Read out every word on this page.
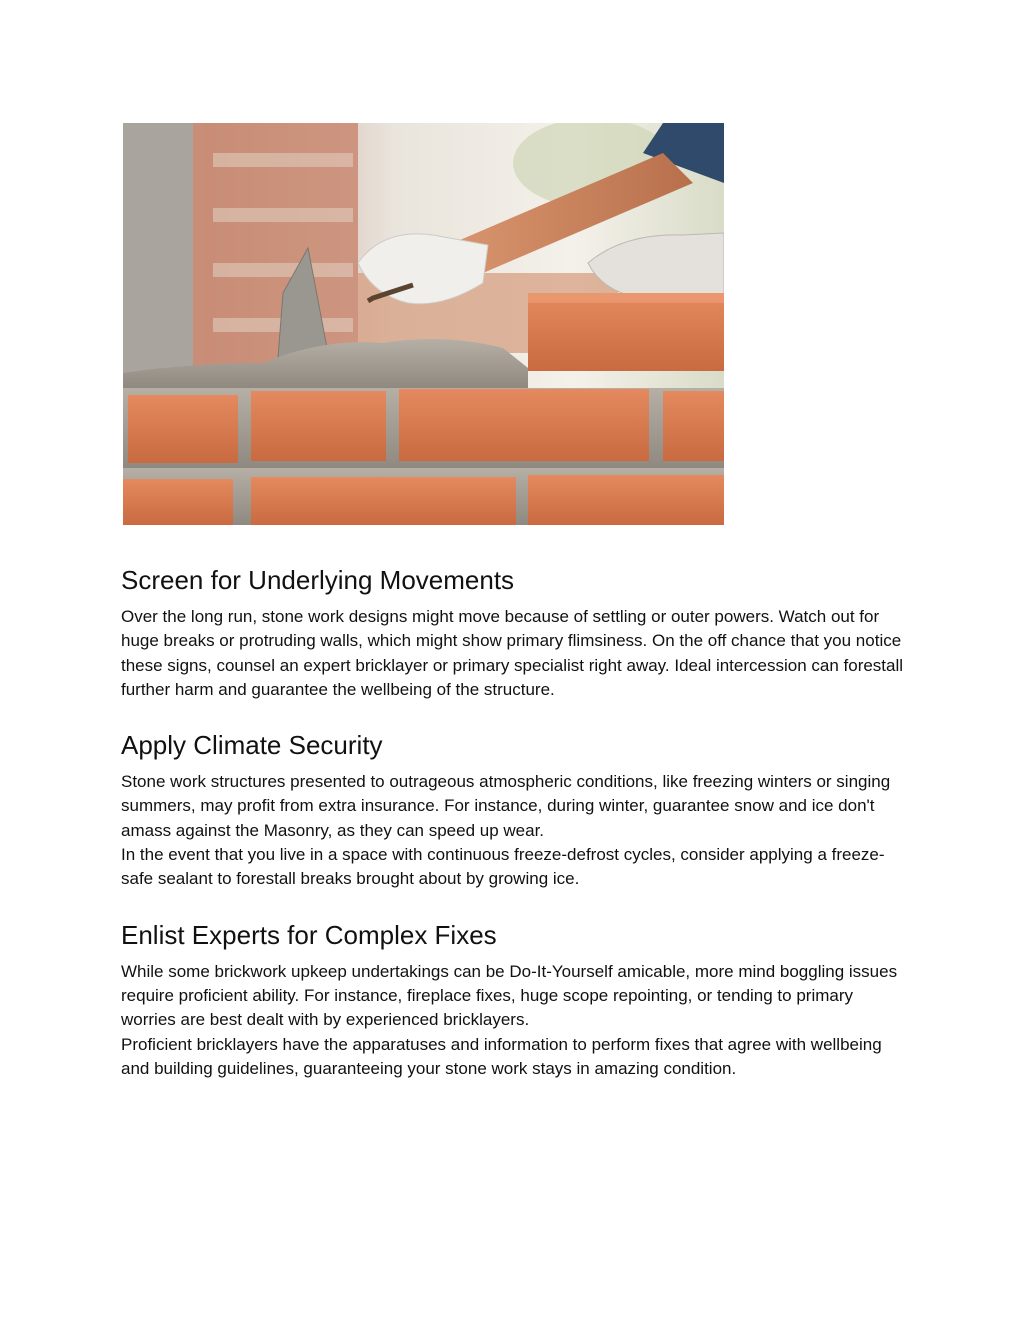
Screen for Underlying Movements

Over the long run, stone work designs might move because of settling or outer powers. Watch out for huge breaks or protruding walls, which might show primary flimsiness. On the off chance that you notice these signs, counsel an expert bricklayer or primary specialist right away. Ideal intercession can forestall further harm and guarantee the wellbeing of the structure.

Apply Climate Security

Stone work structures presented to outrageous atmospheric conditions, like freezing winters or singing summers, may profit from extra insurance. For instance, during winter, guarantee snow and ice don't amass against the Masonry, as they can speed up wear.

In the event that you live in a space with continuous freeze-defrost cycles, consider applying a freeze-safe sealant to forestall breaks brought about by growing ice.

Enlist Experts for Complex Fixes

While some brickwork upkeep undertakings can be Do-It-Yourself amicable, more mind boggling issues require proficient ability. For instance, fireplace fixes, huge scope repointing, or tending to primary worries are best dealt with by experienced bricklayers.

Proficient bricklayers have the apparatuses and information to perform fixes that agree with wellbeing and building guidelines, guaranteeing your stone work stays in amazing condition.
